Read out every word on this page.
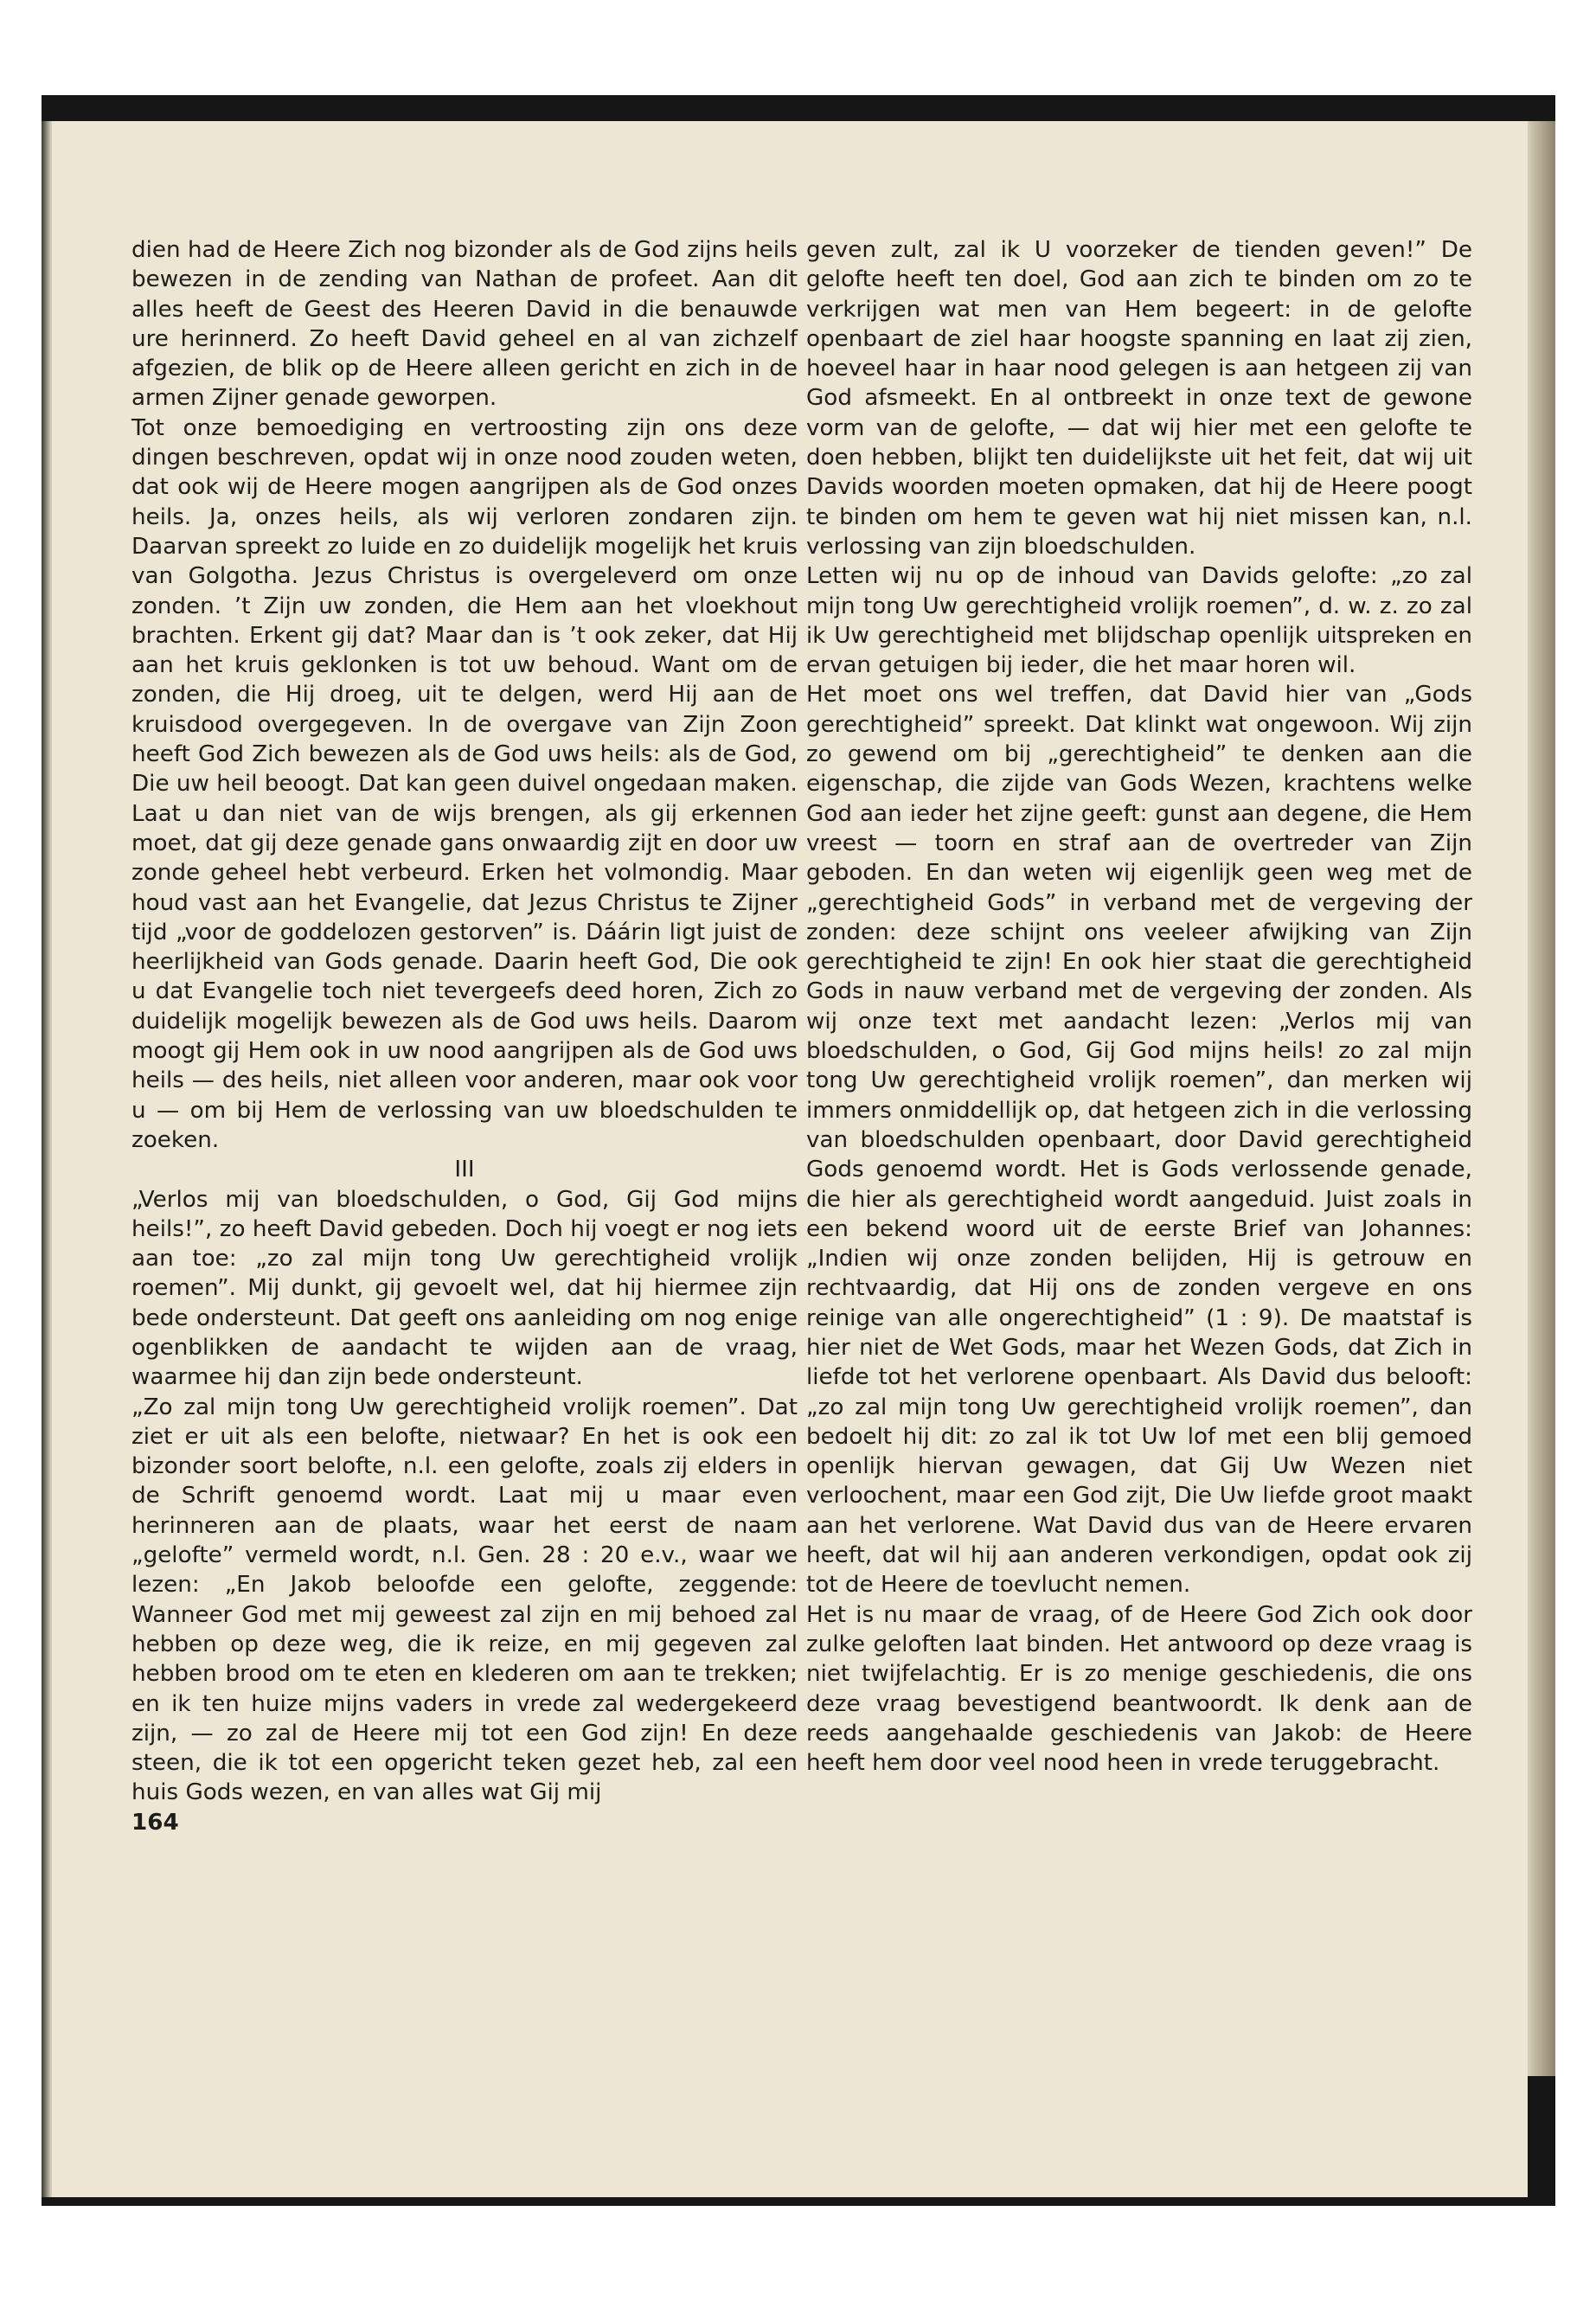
dien had de Heere Zich nog bizonder als de God zijns heils bewezen in de zending van Nathan de profeet. Aan dit alles heeft de Geest des Heeren David in die benauwde ure herinnerd. Zo heeft David geheel en al van zichzelf afgezien, de blik op de Heere alleen gericht en zich in de armen Zijner genade geworpen.

Tot onze bemoediging en vertroosting zijn ons deze dingen beschreven, opdat wij in onze nood zouden weten, dat ook wij de Heere mogen aangrijpen als de God onzes heils. Ja, onzes heils, als wij verloren zondaren zijn. Daarvan spreekt zo luide en zo duidelijk mogelijk het kruis van Golgotha. Jezus Christus is overgeleverd om onze zonden. ’t Zijn uw zonden, die Hem aan het vloekhout brachten. Erkent gij dat? Maar dan is ’t ook zeker, dat Hij aan het kruis geklonken is tot uw behoud. Want om de zonden, die Hij droeg, uit te delgen, werd Hij aan de kruisdood overgegeven. In de overgave van Zijn Zoon heeft God Zich bewezen als de God uws heils: als de God, Die uw heil beoogt. Dat kan geen duivel ongedaan maken.

Laat u dan niet van de wijs brengen, als gij erkennen moet, dat gij deze genade gans onwaardig zijt en door uw zonde geheel hebt verbeurd. Erken het volmondig. Maar houd vast aan het Evangelie, dat Jezus Christus te Zijner tijd „voor de goddelozen gestorven” is. Dáárin ligt juist de heerlijkheid van Gods genade. Daarin heeft God, Die ook u dat Evangelie toch niet tevergeefs deed horen, Zich zo duidelijk mogelijk bewezen als de God uws heils. Daarom moogt gij Hem ook in uw nood aangrijpen als de God uws heils — des heils, niet alleen voor anderen, maar ook voor u — om bij Hem de verlossing van uw bloedschulden te zoeken.

III

„Verlos mij van bloedschulden, o God, Gij God mijns heils!”, zo heeft David gebeden. Doch hij voegt er nog iets aan toe: „zo zal mijn tong Uw gerechtigheid vrolijk roemen”. Mij dunkt, gij gevoelt wel, dat hij hiermee zijn bede ondersteunt. Dat geeft ons aanleiding om nog enige ogenblikken de aandacht te wijden aan de vraag, waarmee hij dan zijn bede ondersteunt.

„Zo zal mijn tong Uw gerechtigheid vrolijk roemen”. Dat ziet er uit als een belofte, nietwaar? En het is ook een bizonder soort belofte, n.l. een gelofte, zoals zij elders in de Schrift genoemd wordt. Laat mij u maar even herinneren aan de plaats, waar het eerst de naam „gelofte” vermeld wordt, n.l. Gen. 28 : 20 e.v., waar we lezen: „En Jakob beloofde een gelofte, zeggende: Wanneer God met mij geweest zal zijn en mij behoed zal hebben op deze weg, die ik reize, en mij gegeven zal hebben brood om te eten en klederen om aan te trekken; en ik ten huize mijns vaders in vrede zal wedergekeerd zijn, — zo zal de Heere mij tot een God zijn! En deze steen, die ik tot een opgericht teken gezet heb, zal een huis Gods wezen, en van alles wat Gij mij

164

geven zult, zal ik U voorzeker de tienden geven!” De gelofte heeft ten doel, God aan zich te binden om zo te verkrijgen wat men van Hem begeert: in de gelofte openbaart de ziel haar hoogste spanning en laat zij zien, hoeveel haar in haar nood gelegen is aan hetgeen zij van God afsmeekt. En al ontbreekt in onze text de gewone vorm van de gelofte, — dat wij hier met een gelofte te doen hebben, blijkt ten duidelijkste uit het feit, dat wij uit Davids woorden moeten opmaken, dat hij de Heere poogt te binden om hem te geven wat hij niet missen kan, n.l. verlossing van zijn bloedschulden.

Letten wij nu op de inhoud van Davids gelofte: „zo zal mijn tong Uw gerechtigheid vrolijk roemen”, d. w. z. zo zal ik Uw gerechtigheid met blijdschap openlijk uitspreken en ervan getuigen bij ieder, die het maar horen wil.

Het moet ons wel treffen, dat David hier van „Gods gerechtigheid” spreekt. Dat klinkt wat ongewoon. Wij zijn zo gewend om bij „gerechtigheid” te denken aan die eigenschap, die zijde van Gods Wezen, krachtens welke God aan ieder het zijne geeft: gunst aan degene, die Hem vreest — toorn en straf aan de overtreder van Zijn geboden. En dan weten wij eigenlijk geen weg met de „gerechtigheid Gods” in verband met de vergeving der zonden: deze schijnt ons veeleer afwijking van Zijn gerechtigheid te zijn! En ook hier staat die gerechtigheid Gods in nauw verband met de vergeving der zonden. Als wij onze text met aandacht lezen: „Verlos mij van bloedschulden, o God, Gij God mijns heils! zo zal mijn tong Uw gerechtigheid vrolijk roemen”, dan merken wij immers onmiddellijk op, dat hetgeen zich in die verlossing van bloedschulden openbaart, door David gerechtigheid Gods genoemd wordt. Het is Gods verlossende genade, die hier als gerechtigheid wordt aangeduid. Juist zoals in een bekend woord uit de eerste Brief van Johannes: „Indien wij onze zonden belijden, Hij is getrouw en rechtvaardig, dat Hij ons de zonden vergeve en ons reinige van alle ongerechtigheid” (1 : 9). De maatstaf is hier niet de Wet Gods, maar het Wezen Gods, dat Zich in liefde tot het verlorene openbaart. Als David dus belooft: „zo zal mijn tong Uw gerechtigheid vrolijk roemen”, dan bedoelt hij dit: zo zal ik tot Uw lof met een blij gemoed openlijk hiervan gewagen, dat Gij Uw Wezen niet verloochent, maar een God zijt, Die Uw liefde groot maakt aan het verlorene. Wat David dus van de Heere ervaren heeft, dat wil hij aan anderen verkondigen, opdat ook zij tot de Heere de toevlucht nemen.

Het is nu maar de vraag, of de Heere God Zich ook door zulke geloften laat binden. Het antwoord op deze vraag is niet twijfelachtig. Er is zo menige geschiedenis, die ons deze vraag bevestigend beantwoordt. Ik denk aan de reeds aangehaalde geschiedenis van Jakob: de Heere heeft hem door veel nood heen in vrede teruggebracht.
